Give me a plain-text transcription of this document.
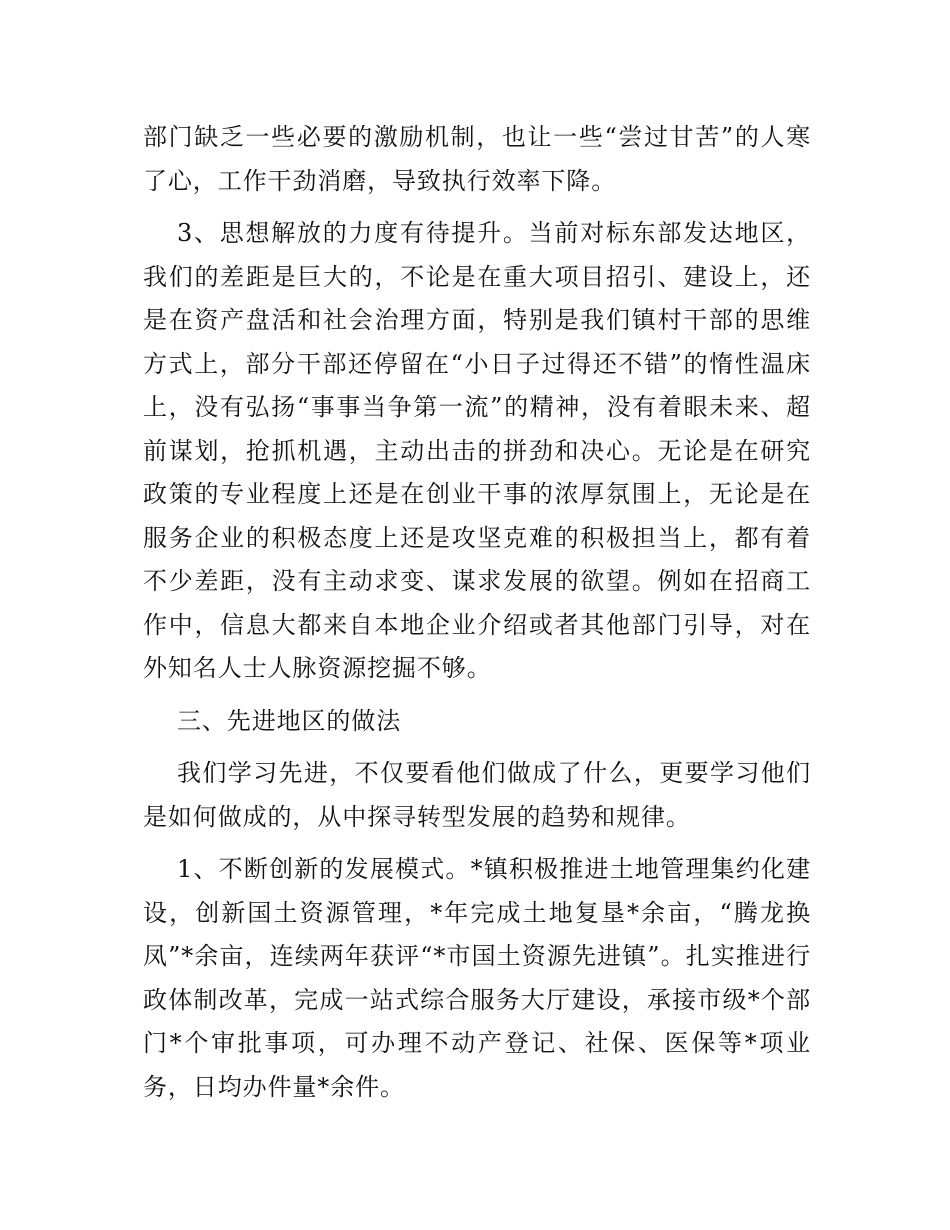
部门缺乏一些必要的激励机制，也让一些“尝过甘苦”的人寒了心，工作干劲消磨，导致执行效率下降。

3、思想解放的力度有待提升。当前对标东部发达地区，我们的差距是巨大的，不论是在重大项目招引、建设上，还是在资产盘活和社会治理方面，特别是我们镇村干部的思维方式上，部分干部还停留在“小日子过得还不错”的惰性温床上，没有弘扬“事事当争第一流”的精神，没有着眼未来、超前谋划，抢抓机遇，主动出击的拼劲和决心。无论是在研究政策的专业程度上还是在创业干事的浓厚氛围上，无论是在服务企业的积极态度上还是攻坚克难的积极担当上，都有着不少差距，没有主动求变、谋求发展的欲望。例如在招商工作中，信息大都来自本地企业介绍或者其他部门引导，对在外知名人士人脉资源挖掘不够。

三、先进地区的做法

我们学习先进，不仅要看他们做成了什么，更要学习他们是如何做成的，从中探寻转型发展的趋势和规律。

1、不断创新的发展模式。*镇积极推进土地管理集约化建设，创新国土资源管理，*年完成土地复垦*余亩，“腾龙换凤”*余亩，连续两年获评“*市国土资源先进镇”。扎实推进行政体制改革，完成一站式综合服务大厅建设，承接市级*个部门*个审批事项，可办理不动产登记、社保、医保等*项业务，日均办件量*余件。
